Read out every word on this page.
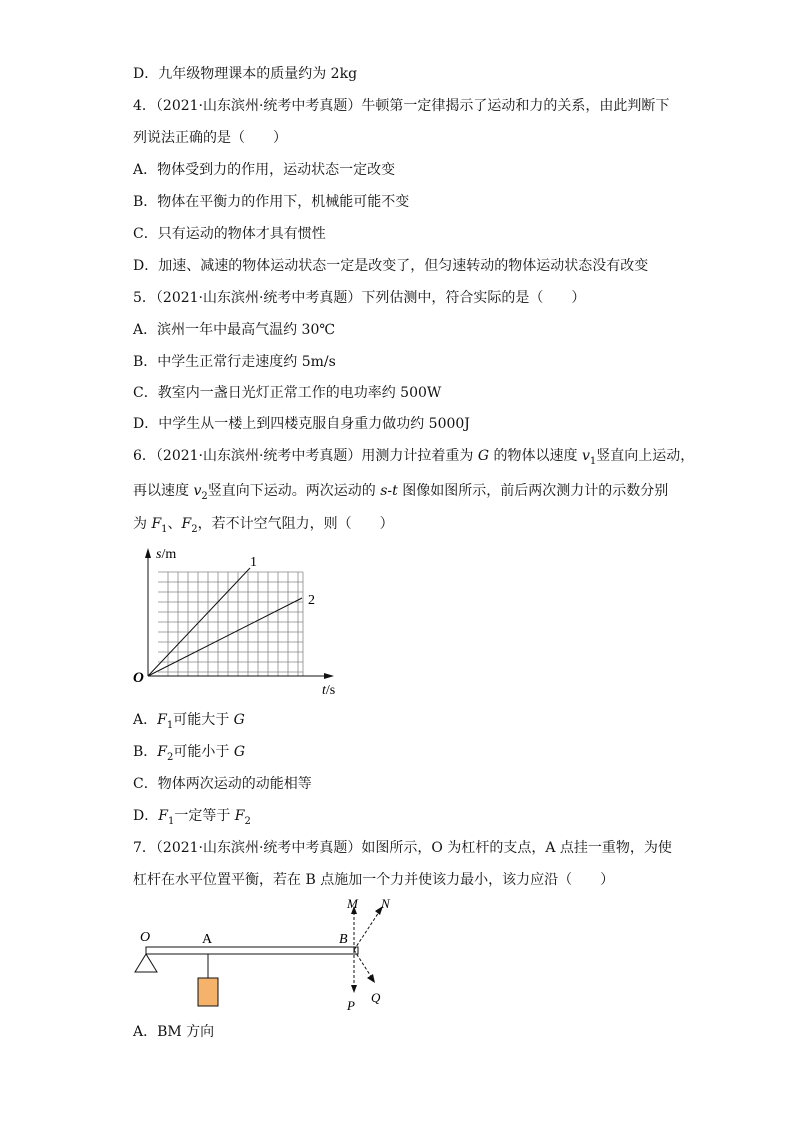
D．九年级物理课本的质量约为 2kg
4．（2021·山东滨州·统考中考真题）牛顿第一定律揭示了运动和力的关系，由此判断下
列说法正确的是（　　）
A．物体受到力的作用，运动状态一定改变
B．物体在平衡力的作用下，机械能可能不变
C．只有运动的物体才具有惯性
D．加速、减速的物体运动状态一定是改变了，但匀速转动的物体运动状态没有改变
5．（2021·山东滨州·统考中考真题）下列估测中，符合实际的是（　　）
A．滨州一年中最高气温约 30℃
B．中学生正常行走速度约 5m/s
C．教室内一盏日光灯正常工作的电功率约 500W
D．中学生从一楼上到四楼克服自身重力做功约 5000J
6．（2021·山东滨州·统考中考真题）用测力计拉着重为 G 的物体以速度 $v_1$竖直向上运动，
再以速度 $v_2$竖直向下运动。两次运动的 s-t 图像如图所示，前后两次测力计的示数分别
为 $F_1$、$F_2$，若不计空气阻力，则（　　）
1
2
s/m
t/s
O
A．$F_1$可能大于 G
B．$F_2$可能小于 G
C．物体两次运动的动能相等
D．$F_1$一定等于 $F_2$
7．（2021·山东滨州·统考中考真题）如图所示，O 为杠杆的支点，A 点挂一重物，为使
杠杆在水平位置平衡，若在 B 点施加一个力并使该力最小，该力应沿（　　）
O	A	B
M N
P
Q
A．BM 方向
